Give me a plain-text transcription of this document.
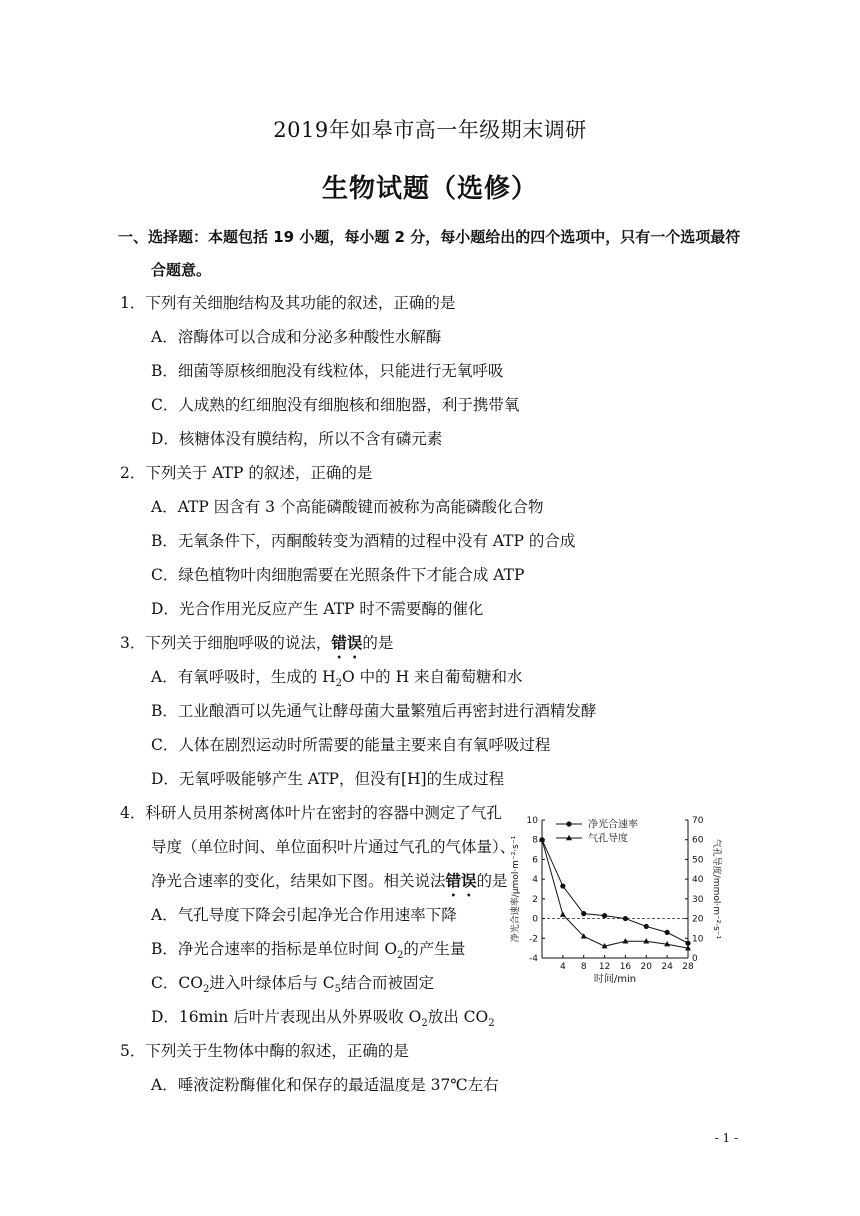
2019年如皋市高一年级期末调研
生物试题（选修）
一、选择题：本题包括 19 小题，每小题 2 分，每小题给出的四个选项中，只有一个选项最符
合题意。
1．下列有关细胞结构及其功能的叙述，正确的是
A．溶酶体可以合成和分泌多种酸性水解酶
B．细菌等原核细胞没有线粒体，只能进行无氧呼吸
C．人成熟的红细胞没有细胞核和细胞器，利于携带氧
D．核糖体没有膜结构，所以不含有磷元素
2．下列关于 ATP 的叙述，正确的是
A．ATP 因含有 3 个高能磷酸键而被称为高能磷酸化合物
B．无氧条件下，丙酮酸转变为酒精的过程中没有 ATP 的合成
C．绿色植物叶肉细胞需要在光照条件下才能合成 ATP
D．光合作用光反应产生 ATP 时不需要酶的催化
3．下列关于细胞呼吸的说法，错误的是
A．有氧呼吸时，生成的 $H_2O$ 中的 H 来自葡萄糖和水
B．工业酿酒可以先通气让酵母菌大量繁殖后再密封进行酒精发酵
C．人体在剧烈运动时所需要的能量主要来自有氧呼吸过程
D．无氧呼吸能够产生 ATP，但没有[H]的生成过程
4．科研人员用茶树离体叶片在密封的容器中测定了气孔
导度（单位时间、单位面积叶片通过气孔的气体量）、
净光合速率的变化，结果如下图。相关说法错误的是
A．气孔导度下降会引起净光合作用速率下降
B．净光合速率的指标是单位时间 $O_2$的产生量
C．$CO_2$进入叶绿体后与 $C_5$结合而被固定
D．16min 后叶片表现出从外界吸收 $O_2$放出 $CO_2$
5．下列关于生物体中酶的叙述，正确的是
A．唾液淀粉酶催化和保存的最适温度是 37℃左右
-4
-2
0
2
4
6
8
10
0
10
20
30
40
50
60
70
4 8 12 16 20 24 28
时间/min
净光合速率/μmol·m⁻²·s⁻¹	气孔导度/mmol·m⁻²·s⁻¹
净光合速率
气孔导度
- 1 -
